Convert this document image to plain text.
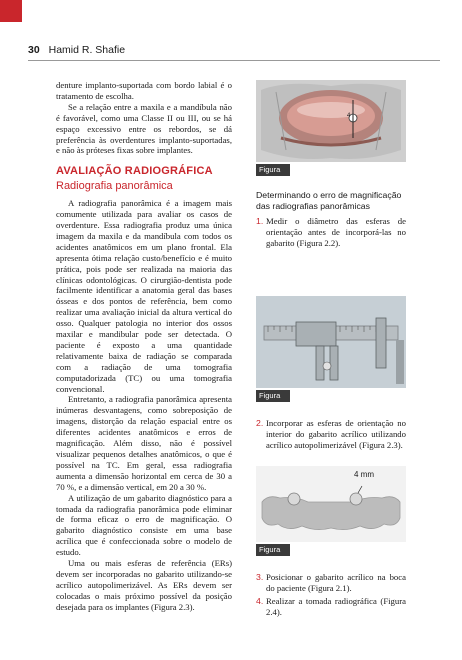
30 Hamid R. Shafie

denture implanto-suportada com bordo labial é o tratamento de escolha.

Se a relação entre a maxila e a mandíbula não é favorável, como uma Classe II ou III, ou se há espaço excessivo entre os rebordos, se dá preferência às overdentures implanto-suportadas, e não às próteses fixas sobre implantes.

AVALIAÇÃO RADIOGRÁFICA
Radiografia panorâmica

A radiografia panorâmica é a imagem mais comumente utilizada para avaliar os casos de overdenture. Essa radiografia produz uma única imagem da maxila e da mandíbula com todos os acidentes anatômicos em um plano frontal. Ela apresenta ótima relação custo/benefício e é muito prática, pois pode ser realizada na maioria das clínicas odontológicas. O cirurgião-dentista pode facilmente identificar a anatomia geral das bases ósseas e dos pontos de referência, bem como realizar uma avaliação inicial da altura vertical do osso. Qualquer patologia no interior dos ossos maxilar e mandibular pode ser detectada. O paciente é exposto a uma quantidade relativamente baixa de radiação se comparada com a radiação de uma tomografia computadorizada (TC) ou uma tomografia convencional.

Entretanto, a radiografia panorâmica apresenta inúmeras desvantagens, como sobreposição de imagens, distorção da relação espacial entre os diferentes acidentes anatômicos e erros de magnificação. Além disso, não é possível visualizar pequenos detalhes anatômicos, o que é possível na TC. Em geral, essa radiografia aumenta a dimensão horizontal em cerca de 30 a 70 %, e a dimensão vertical, em 20 a 30 %.

A utilização de um gabarito diagnóstico para a tomada da radiografia panorâmica pode eliminar de forma eficaz o erro de magnificação. O gabarito diagnóstico consiste em uma base acrílica que é confeccionada sobre o modelo de estudo.

Uma ou mais esferas de referência (ERs) devem ser incorporadas no gabarito utilizando-se acrílico autopolimerizável. As ERs devem ser colocadas o mais próximo possível da posição desejada para os implantes (Figura 2.3).

4
Figura 2.1
Determinando o erro de magnificação das radiografias panorâmicas
1. Medir o diâmetro das esferas de orientação antes de incorporá-las no gabarito (Figura 2.2).
Figura 2.2
2. Incorporar as esferas de orientação no interior do gabarito acrílico utilizando acrílico autopolimerizável (Figura 2.3).
4 mm
Figura 2.3
3. Posicionar o gabarito acrílico na boca do paciente (Figura 2.1).
4. Realizar a tomada radiográfica (Figura 2.4).
